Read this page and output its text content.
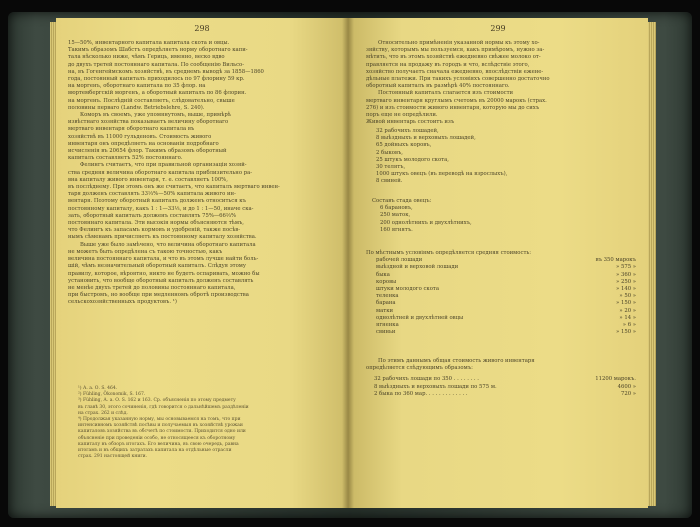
298

15—50%, инвентарного капитала капитала скота и овцы.

Такимъ образомъ Шабстъ опредѣляетъ норму оборотнаго капи-

тала нѣсколько ниже, чѣмъ Гериць, именно, веско вдво

до двухъ третей постояннаго капитала. По сообщенію Вильсо-

на, въ Гогенгеймскомъ хозяйствѣ, въ среднемъ выводѣ за 1858—1860

года, постоянный капиталъ приходилось по 97 флорину 59 кр.

на моргенъ, оборотнаго капитала по 35 флор. на

вюртембергскій моргенъ, а оборотный капиталъ по 86 флорин.

на моргенъ. Послѣдній составляетъ, слѣдовательно, свыше

половины перваго (Landw. Betriebslehre, S. 240).

Коморъ въ своемъ, уже упомянутомъ, выше, примѣрѣ

извѣстнаго хозяйства показываетъ величину оборотнаго

мертваго инвентаря оборотнаго капитала въ

хозяйствѣ въ 11000 гульденовъ. Стоимость живого

инвентаря онъ опредѣляетъ на основаніи подробнаго

исчисленія въ 20654 флор. Такимъ образомъ оборотный

капиталъ составляетъ 52% постояннаго.

Фелингъ считаетъ, что при правильной организаціи хозяй-

ства средняя величина оборотнаго капитала приблизительно ра-

вна капиталу живого инвентаря, т. е. составляетъ 100%,

въ послѣднему. При этомъ онъ же считаетъ, что капиталъ мертваго инвен-

таря долженъ составлять 33⅓%—50% капитала живого ин-

вентаря. Поэтому оборотный капиталъ долженъ относиться къ

постоянному капиталу, какъ 1 : 1—33⅓, и до 1 : 1—50, иначе ска-

зать, оборотный капиталъ долженъ составлять 75%—66⅔%

постояннаго капитала. Эти высокія нормы объясняются тѣмъ,

что Фелингъ къ запасамъ кормовъ и удобреній, также посѣв-

нымъ сѣменамъ причисляетъ къ постоянному капиталу хозяйства.

Выше уже было замѣчено, что величина оборотнаго капитала

не можетъ быть опредѣлена съ такою точностью, какъ

величина постояннаго капитала, и что въ этомъ лучше найти боль-

шій, чѣмъ незначительный оборотный капиталъ. Слѣдуя этому

правилу, которое, вѣроятно, никто не будетъ оспаривать, можно бы

установить, что вообще оборотный капиталъ долженъ составлять

не менѣе двухъ третей до половины постояннаго капитала,

при быстромъ, но вообще при медленномъ обротѣ производства

сельскохозяйственныхъ продуктовъ. ¹)

¹) А. а. О. S. 464.

²) Fühling, Ökonomik, S. 167.

³) Fühling, А. а. О. S. 162 и 163. Ср. объясненія по этому предмету

въ главѣ 30, этого сочиненія, гдѣ говорится о дальнѣйшемъ раздѣленіи

на страх. 262 и слѣд.

⁴) Продолжая указанную норму, мы основываемся на томъ, что при

интенсивномъ хозяйствѣ посѣвы и получаемыя въ хозяйствѣ урожаи

капиталовъ хозяйства въ обсчетѣ по стоимости. Приходится одно или

объясненіе при проведеніи особо, не относящееся къ оборотному

капиталу въ обзоръ итогахъ. Его величина, въ свою очередь, равна

итогамъ и въ общихъ затратахъ капитала на отдѣльные отрасли

страх. 291 настоящей книги.

299

Относительно примѣненія указанной нормы къ этому хо-

зяйству, которымъ мы пользуемся, какъ примѣромъ, нужно за-

мѣтить, что въ этомъ хозяйствѣ ежедневно свѣжее молоко от-

правляется на продажу въ городъ и что, вслѣдствіе этого,

хозяйство получаетъ сначала ежедневно, впослѣдствіи ежене-

дѣльные платежи. При такихъ условіяхъ совершенно достаточно

оборотный капиталъ въ размѣрѣ 40% постояннаго.

Постоянный капиталъ слагается изъ стоимости

мертваго инвентаря круглымъ счетомъ въ 20000 марокъ (страх.

276) и изъ стоимости живого инвентаря, которую мы до сихъ

поръ еще не опредѣлили.

Живой инвентарь состоитъ изъ

32 рабочихъ лошадей,

8 выѣздныхъ и верховыхъ лошадей,

65 дойныхъ коровъ,

2 быковъ,

25 штукъ молодого скота,

30 телятъ,

1000 штукъ овецъ (въ переводѣ на взрослыхъ),

8 свиней.

Составъ стада овецъ:

6 барановъ,

250 маток,

200 однолѣтнихъ и двухлѣтнихъ,

160 ягнятъ.

По мѣстнымъ условіямъ опредѣляется средняя стоимость:

рабочей лошади	въ 350 марокъ
выѣздной и верховой лошади	» 575 »
быка	» 360 »
коровы	» 250 »
штуки молодого скота	» 140 »
теленка	» 50 »
барана	» 150 »
матки	» 20 »
однолѣтней и двухлѣтней овцы	» 14 »
ягненка	» 6 »
свиньи	» 150 »

По этимъ даннымъ общая стоимость живого инвентаря

опредѣляется слѣдующимъ образомъ:

32 рабочихъ лошади по 350 . . . . . . . .	11200 марокъ.
8 выѣздныхъ и верховыхъ лошади по 575 м.	4600 »
2 быка по 360 мар. . . . . . . . . . . . .	720 »
